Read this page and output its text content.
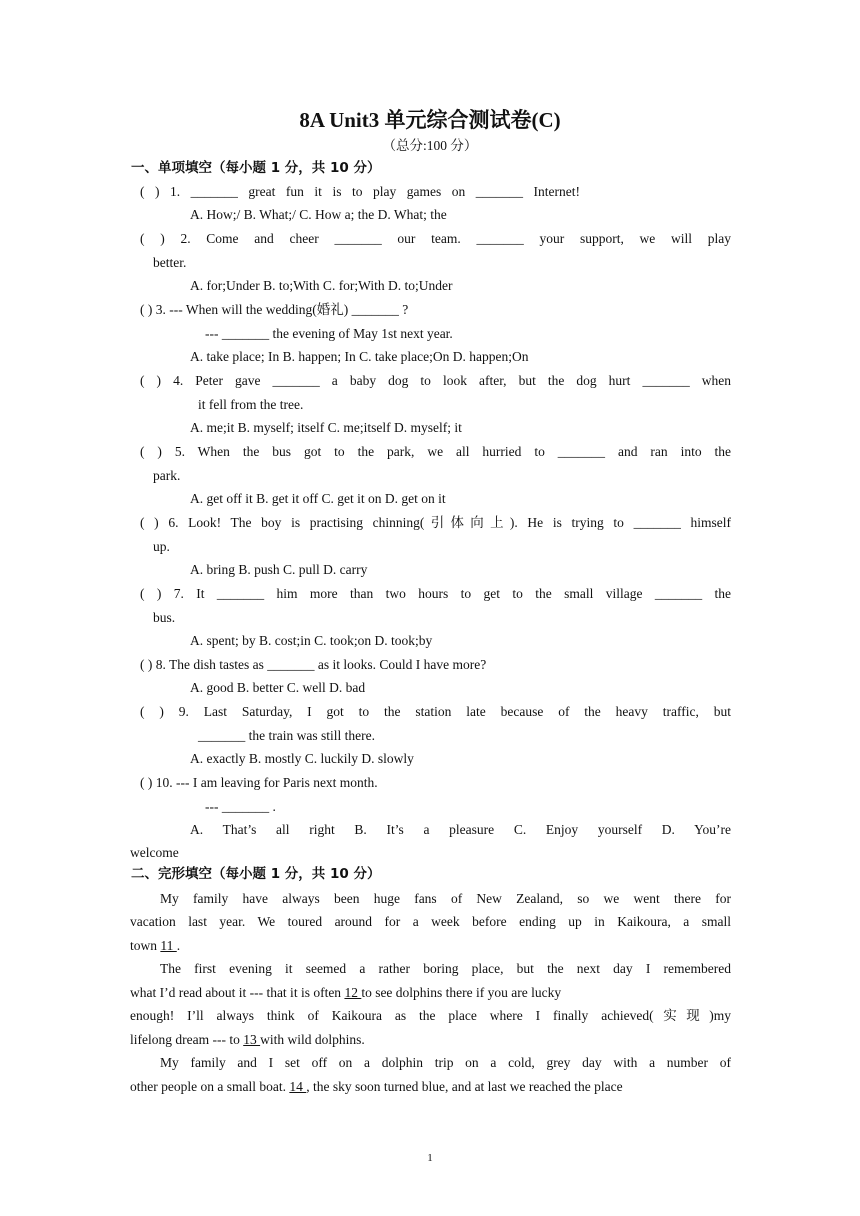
8A Unit3 单元综合测试卷(C)
（总分:100 分）
一、单项填空（每小题 1 分，共 10 分）
( ) 1. _______ great fun it is to play games on _______ Internet!
A. How;/ B. What;/ C. How a; the D. What; the
( ) 2. Come and cheer _______ our team. _______ your support, we will play
better.
A. for;Under B. to;With C. for;With D. to;Under
( ) 3. --- When will the wedding(婚礼) _______ ?
--- _______ the evening of May 1st next year.
A. take place; In B. happen; In C. take place;On D. happen;On
( ) 4. Peter gave _______ a baby dog to look after, but the dog hurt _______ when
it fell from the tree.
A. me;it B. myself; itself C. me;itself D. myself; it
( ) 5. When the bus got to the park, we all hurried to _______ and ran into the
park.
A. get off it B. get it off C. get it on D. get on it
( ) 6. Look! The boy is practising chinning(引体向上). He is trying to _______ himself
up.
A. bring B. push C. pull D. carry
( ) 7. It _______ him more than two hours to get to the small village _______ the
bus.
A. spent; by B. cost;in C. took;on D. took;by
( ) 8. The dish tastes as _______ as it looks. Could I have more?
A. good B. better C. well D. bad
( ) 9. Last Saturday, I got to the station late because of the heavy traffic, but
_______ the train was still there.
A. exactly B. mostly C. luckily D. slowly
( ) 10. --- I am leaving for Paris next month.
--- _______ .
A. That’s all right B. It’s a pleasure C. Enjoy yourself D. You’re
welcome
二、完形填空（每小题 1 分，共 10 分）
My family have always been huge fans of New Zealand, so we went there for
vacation last year. We toured around for a week before ending up in Kaikoura, a small
town 11 .
The first evening it seemed a rather boring place, but the next day I remembered
what I’d read about it --- that it is often 12 to see dolphins there if you are lucky
enough! I’ll always think of Kaikoura as the place where I finally achieved(实现)my
lifelong dream --- to 13 with wild dolphins.
My family and I set off on a dolphin trip on a cold, grey day with a number of
other people on a small boat. 14 , the sky soon turned blue, and at last we reached the place
1
